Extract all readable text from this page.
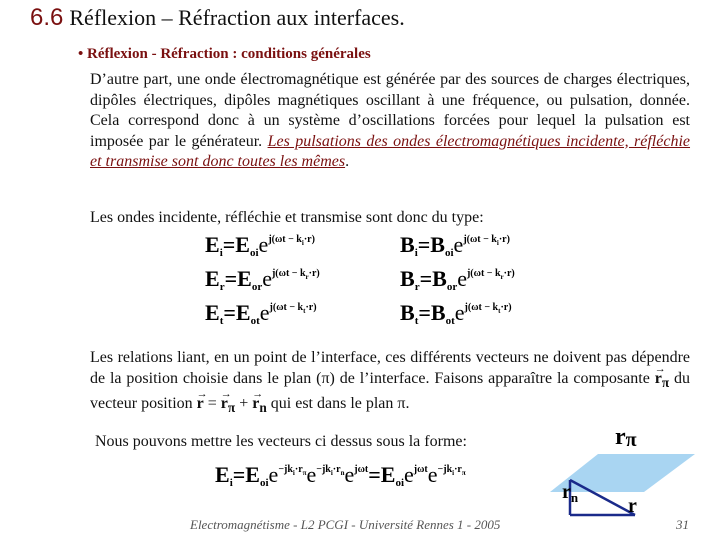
6.6 Réflexion – Réfraction aux interfaces.
• Réflexion - Réfraction : conditions générales
D’autre part, une onde électromagnétique est générée par des sources de charges électriques, dipôles électriques, dipôles magnétiques oscillant à une fréquence, ou pulsation, donnée. Cela correspond donc à un système d’oscillations forcées pour lequel la pulsation est imposée par le générateur. Les pulsations des ondes électromagnétiques incidente, réfléchie et transmise sont donc toutes les mêmes.
Les ondes incidente, réfléchie et transmise sont donc du type:
Ei=Eoie$^{j(\omega t - k}$i·r)
Er=Eore$^{j(\omega t - k}$r·r)
Et=Eote$^{j(\omega t - k}$t·r)
Bi=Boie$^{j(\omega t - k}$i·r)
Br=Bore$^{j(\omega t - k}$r·r)
Bt=Bote$^{j(\omega t - k}$t·r)
Les relations liant, en un point de l’interface, ces différents vecteurs ne doivent pas dépendre de la position choisie dans le plan (π) de l’interface. Faisons apparaître la composante → $r_\pi$ du vecteur position → r = → $r_\pi$ + → $r_n$ qui est dans le plan π.
Nous pouvons mettre les vecteurs ci dessus sous la forme:
$Ei=Eoie^{-jk}i\cdot r\pi e^{-jk}i\cdot rne^{j\omega t}=Eoie^{j\omega t}e^{-jk}i\cdot r\pi$
rπ
$r_n$ r
Electromagnétisme - L2 PCGI - Université Rennes 1 - 2005	31
